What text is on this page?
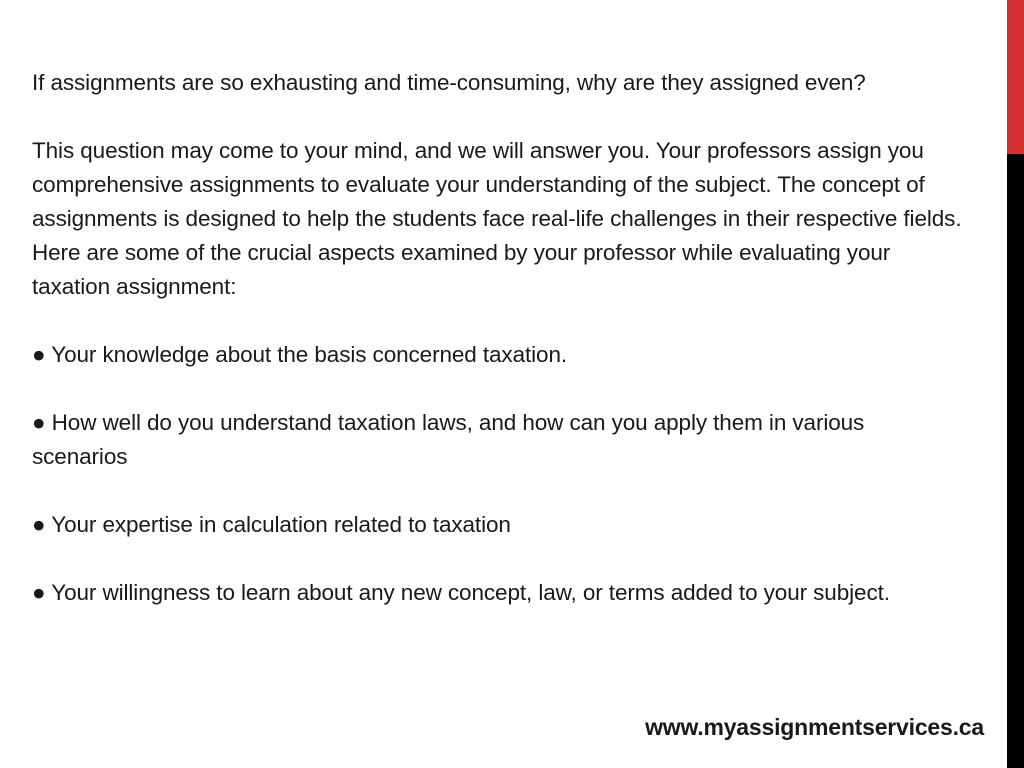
If assignments are so exhausting and time-consuming, why are they assigned even?

This question may come to your mind, and we will answer you. Your professors assign you comprehensive assignments to evaluate your understanding of the subject. The concept of assignments is designed to help the students face real-life challenges in their respective fields. Here are some of the crucial aspects examined by your professor while evaluating your taxation assignment:

● Your knowledge about the basis concerned taxation.

● How well do you understand taxation laws, and how can you apply them in various scenarios

● Your expertise in calculation related to taxation

● Your willingness to learn about any new concept, law, or terms added to your subject.

www.myassignmentservices.ca
